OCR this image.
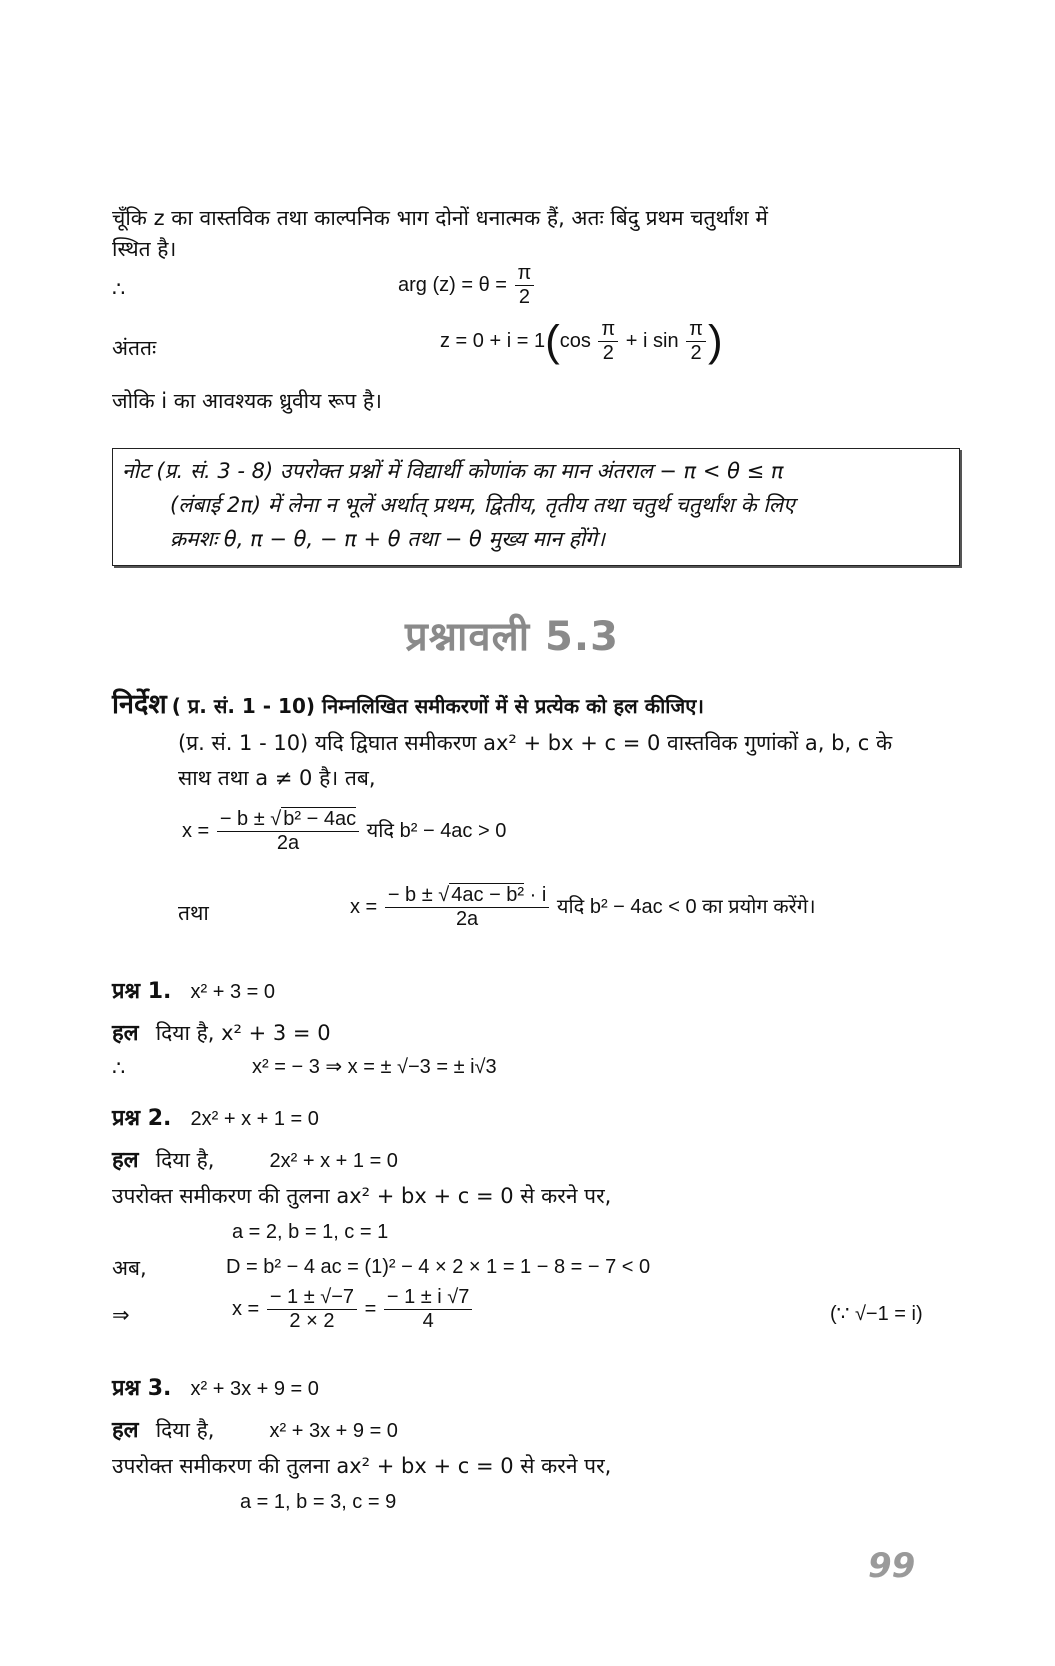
चूँकि z का वास्तविक तथा काल्पनिक भाग दोनों धनात्मक हैं, अतः बिंदु प्रथम चतुर्थांश में
स्थित है।
∴	arg $(z) = \theta = \frac{\pi}{2}$
अंततः	$z = 0 + i = 1(\cos \frac{\pi}{2} + i$ $\sin \frac{\pi}{2}$ )
जोकि i का आवश्यक ध्रुवीय रूप है।
नोट (प्र. सं. 3 - 8) उपरोक्त प्रश्नों में विद्यार्थी कोणांक का मान अंतराल − π < θ ≤ π
(लंबाई 2π) में लेना न भूलें अर्थात् प्रथम, द्वितीय, तृतीय तथा चतुर्थ चतुर्थांश के लिए
क्रमशः θ, π − θ, − π + θ तथा − θ मुख्य मान होंगे।
प्रश्नावली 5.3
निर्देश ( प्र. सं. 1 - 10) निम्नलिखित समीकरणों में से प्रत्येक को हल कीजिए।
(प्र. सं. 1 - 10) यदि द्विघात समीकरण ax² + bx + c = 0 वास्तविक गुणांकों a, b, c के
साथ तथा a ≠ 0 है। तब,
$x = \frac{\text{− b ± √ b² − 4ac}}{2a}$ यदि b² − 4ac > 0
तथा	$x = \frac{\text{− b ± √ 4ac − b² · i}}{2a}$ यदि b² − 4ac < 0 का प्रयोग करेंगे।
प्रश्न 1. x² + 3 = 0
हल दिया है, x² + 3 = 0
∴	x² = − 3 ⇒ x = ± √−3 = ± i√3
प्रश्न 2. 2x² + x + 1 = 0
हल दिया है,	2x² + x + 1 = 0
उपरोक्त समीकरण की तुलना ax² + bx + c = 0 से करने पर,
a = 2, b = 1, c = 1
अब,	D = b² − 4 ac = (1)² − 4 × 2 × 1 = 1 − 8 = − 7 < 0
⇒	$x = \frac{- 1 \pm √-7}{2 \times 2} = \frac{- 1 \pm i √7}{4}$	(∵ √−1 = i)
प्रश्न 3. x² + 3x + 9 = 0
हल दिया है,	x² + 3x + 9 = 0
उपरोक्त समीकरण की तुलना ax² + bx + c = 0 से करने पर,
a = 1, b = 3, c = 9
99
